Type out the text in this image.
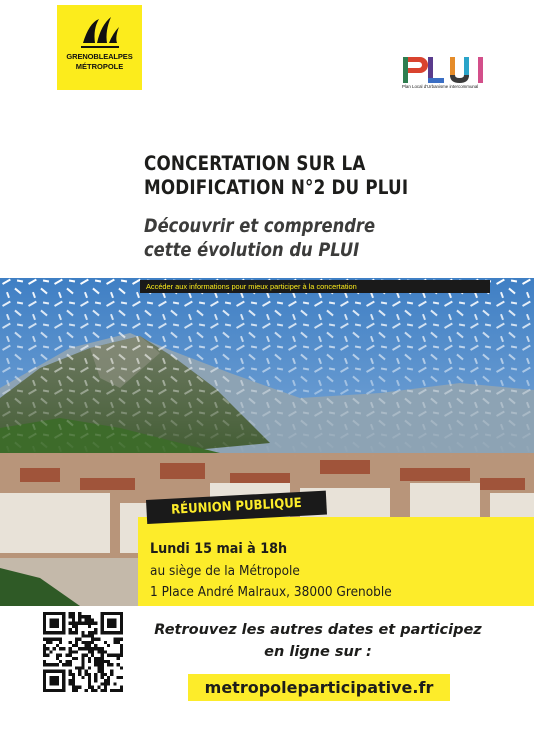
GRENOBLEALPES
MÉTROPOLE
Plan Local d'Urbanisme intercommunal
CONCERTATION SUR LA
MODIFICATION N°2 DU PLUI
Découvrir et comprendre
cette évolution du PLUI
Accéder aux informations pour mieux participer à la concertation
RÉUNION PUBLIQUE
Lundi 15 mai à 18h
au siège de la Métropole
1 Place André Malraux, 38000 Grenoble
Retrouvez les autres dates et participez
en ligne sur :
metropoleparticipative.fr
